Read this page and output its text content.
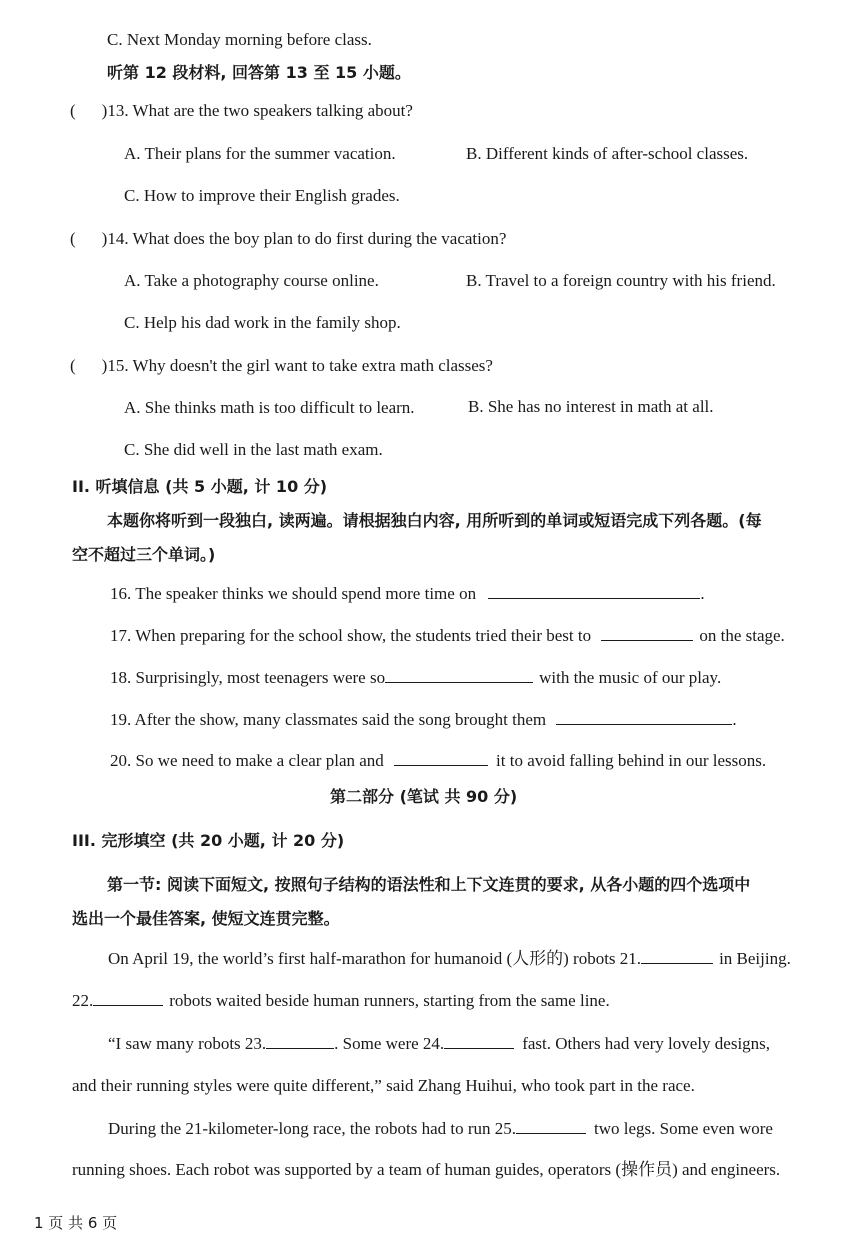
C. Next Monday morning before class.
听第 12 段材料, 回答第 13 至 15 小题。
( )13. What are the two speakers talking about?
A. Their plans for the summer vacation.	B. Different kinds of after-school classes.
C. How to improve their English grades.
( )14. What does the boy plan to do first during the vacation?
A. Take a photography course online.	B. Travel to a foreign country with his friend.
C. Help his dad work in the family shop.
( )15. Why doesn't the girl want to take extra math classes?
A. She thinks math is too difficult to learn.	B. She has no interest in math at all.
C. She did well in the last math exam.
II. 听填信息 (共 5 小题, 计 10 分)
本题你将听到一段独白, 读两遍。请根据独白内容, 用所听到的单词或短语完成下列各题。(每
空不超过三个单词。)
16. The speaker thinks we should spend more time on	.
17. When preparing for the school show, the students tried their best to	on the stage.
18. Surprisingly, most teenagers were so	with the music of our play.
19. After the show, many classmates said the song brought them	.
20. So we need to make a clear plan and	it to avoid falling behind in our lessons.
第二部分 (笔试 共 90 分)
III. 完形填空 (共 20 小题, 计 20 分)
第一节: 阅读下面短文, 按照句子结构的语法性和上下文连贯的要求, 从各小题的四个选项中
选出一个最佳答案, 使短文连贯完整。
On April 19, the world’s first half-marathon for humanoid (人形的) robots 21.	in Beijing.
22.	robots waited beside human runners, starting from the same line.
“I saw many robots 23.	. Some were 24.	fast. Others had very lovely designs,
and their running styles were quite different,” said Zhang Huihui, who took part in the race.
During the 21-kilometer-long race, the robots had to run 25.	two legs. Some even wore
running shoes. Each robot was supported by a team of human guides, operators (操作员) and engineers.
1 页 共 6 页
